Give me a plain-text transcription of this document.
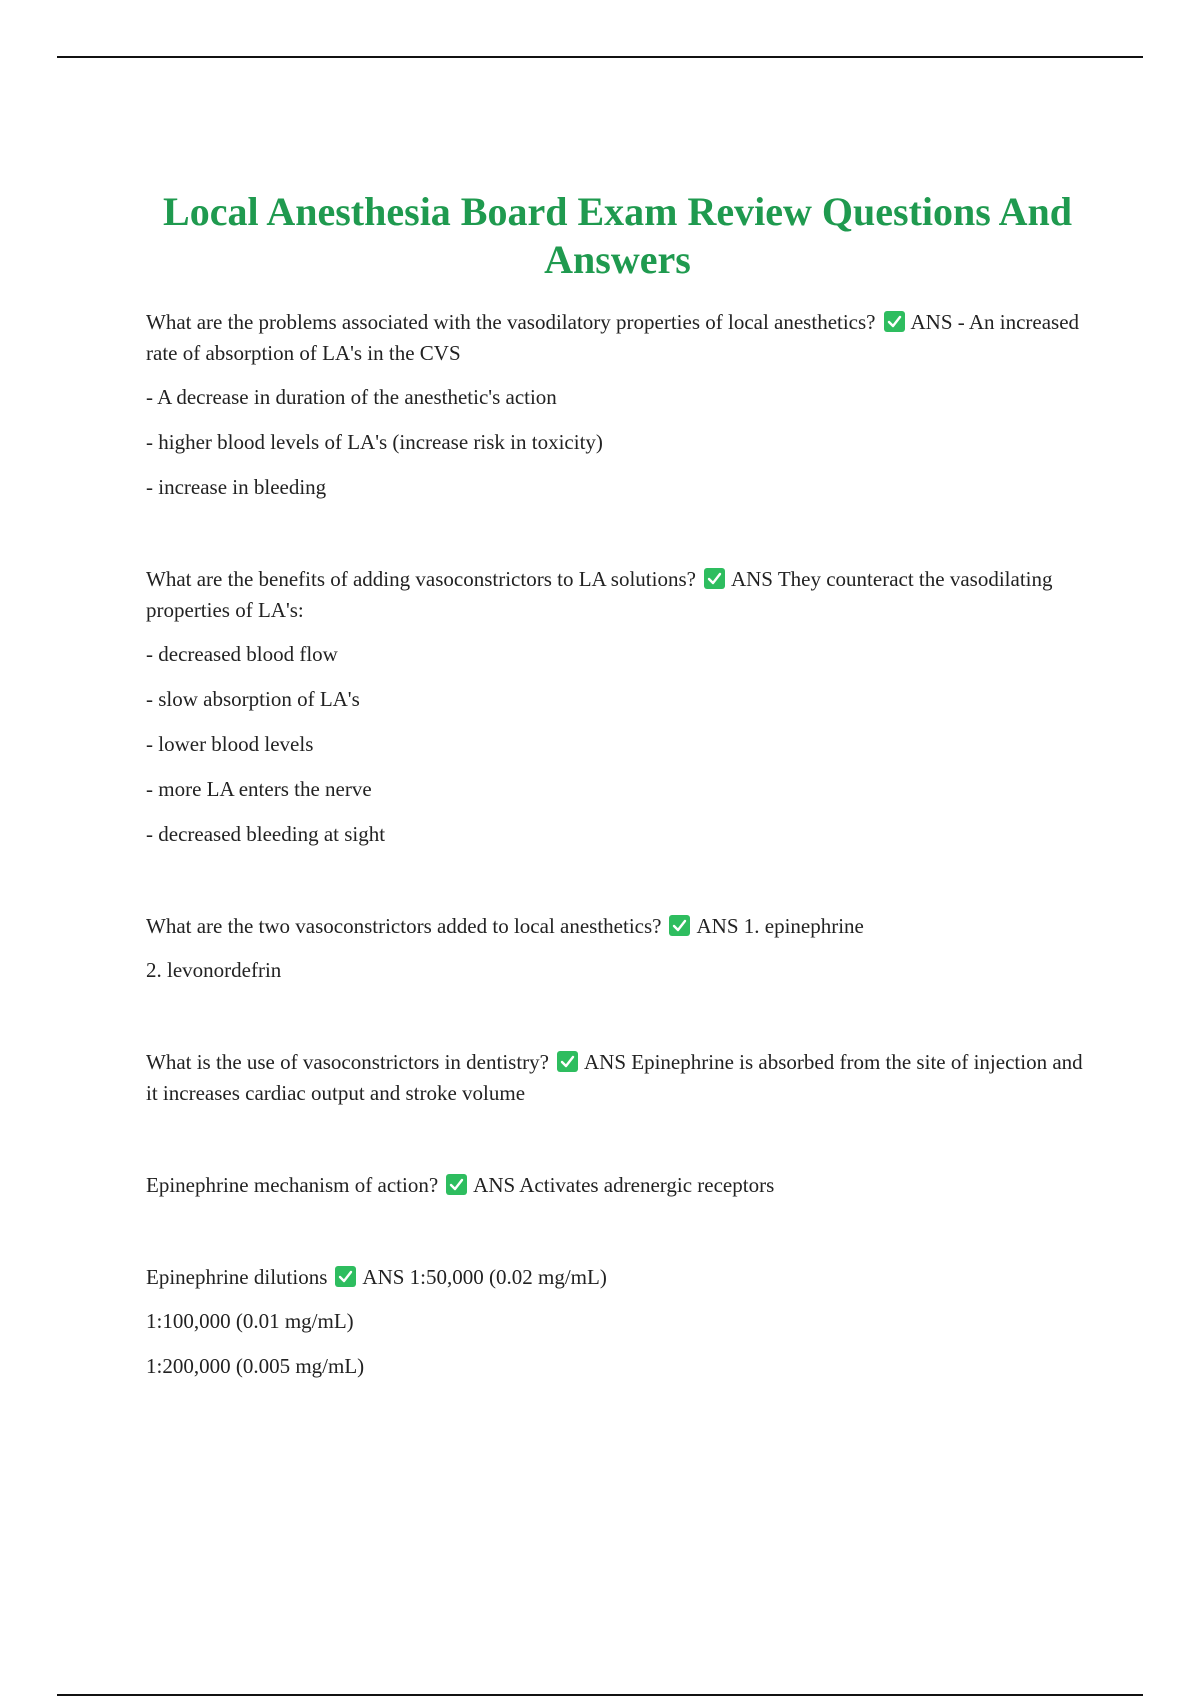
Local Anesthesia Board Exam Review Questions And Answers

What are the problems associated with the vasodilatory properties of local anesthetics? ANS - An increased rate of absorption of LA's in the CVS

- A decrease in duration of the anesthetic's action

- higher blood levels of LA's (increase risk in toxicity)

- increase in bleeding

What are the benefits of adding vasoconstrictors to LA solutions? ANS They counteract the vasodilating properties of LA's:

- decreased blood flow

- slow absorption of LA's

- lower blood levels

- more LA enters the nerve

- decreased bleeding at sight

What are the two vasoconstrictors added to local anesthetics? ANS 1. epinephrine

2. levonordefrin

What is the use of vasoconstrictors in dentistry? ANS Epinephrine is absorbed from the site of injection and it increases cardiac output and stroke volume

Epinephrine mechanism of action? ANS Activates adrenergic receptors

Epinephrine dilutions ANS 1:50,000 (0.02 mg/mL)

1:100,000 (0.01 mg/mL)

1:200,000 (0.005 mg/mL)
